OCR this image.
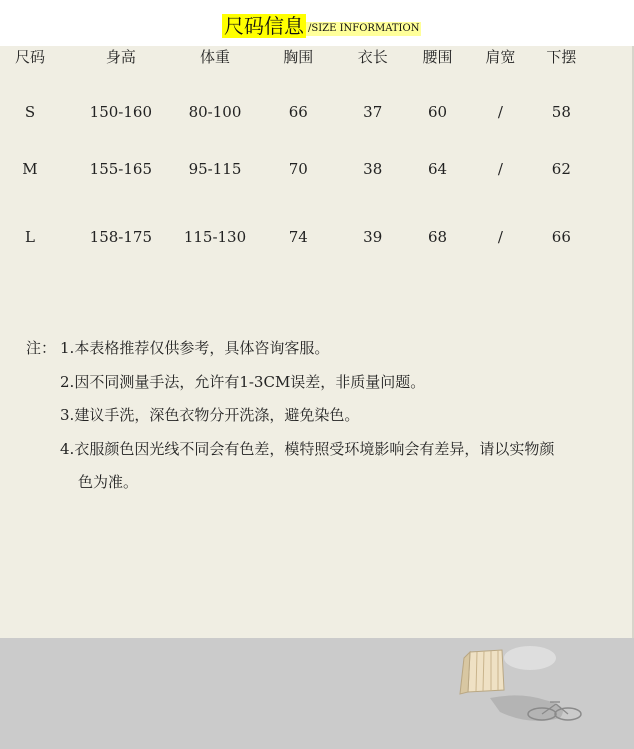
尺码信息 /SIZE INFORMATION
尺码	身高	体重	胸围	衣长	腰围	肩宽	下摆
S	150-160	80-100	66	37	60	/	58
M	155-165	95-115	70	38	64	/	62
L	158-175	115-130	74	39	68	/	66
注： 1. 本表格推荐仅供参考，具体咨询客服。
2. 因不同测量手法，允许有1-3CM误差，非质量问题。
3. 建议手洗，深色衣物分开洗涤，避免染色。
4. 衣服颜色因光线不同会有色差，模特照受环境影响会有差异，请以实物颜
色为准。
